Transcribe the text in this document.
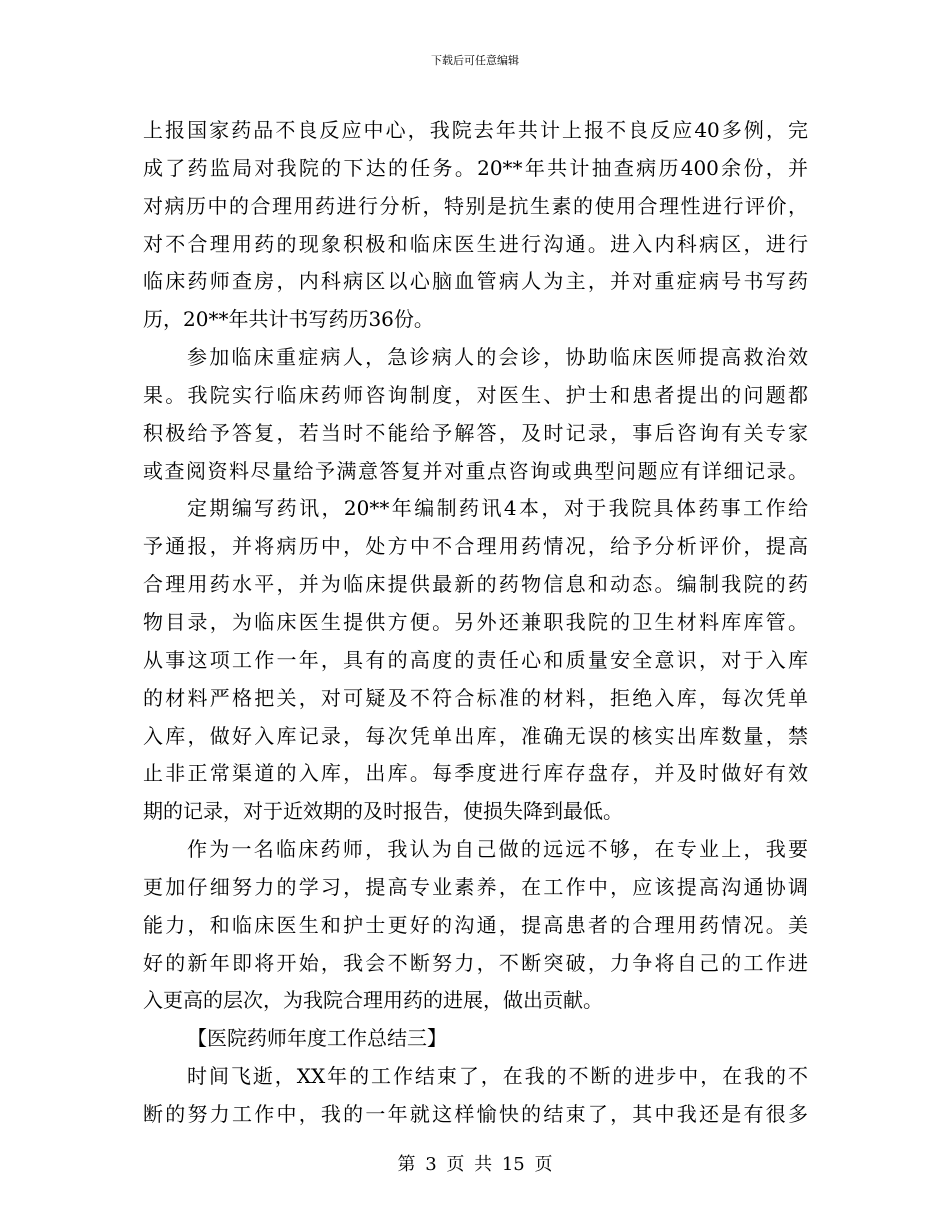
下载后可任意编辑
上报国家药品不良反应中心，我院去年共计上报不良反应40多例，完
成了药监局对我院的下达的任务。20**年共计抽查病历400余份，并
对病历中的合理用药进行分析，特别是抗生素的使用合理性进行评价，
对不合理用药的现象积极和临床医生进行沟通。进入内科病区，进行
临床药师查房，内科病区以心脑血管病人为主，并对重症病号书写药
历，20**年共计书写药历36份。
参加临床重症病人，急诊病人的会诊，协助临床医师提高救治效
果。我院实行临床药师咨询制度，对医生、护士和患者提出的问题都
积极给予答复，若当时不能给予解答，及时记录，事后咨询有关专家
或查阅资料尽量给予满意答复并对重点咨询或典型问题应有详细记录。
定期编写药讯，20**年编制药讯4本，对于我院具体药事工作给
予通报，并将病历中，处方中不合理用药情况，给予分析评价，提高
合理用药水平，并为临床提供最新的药物信息和动态。编制我院的药
物目录，为临床医生提供方便。另外还兼职我院的卫生材料库库管。
从事这项工作一年，具有的高度的责任心和质量安全意识，对于入库
的材料严格把关，对可疑及不符合标准的材料，拒绝入库，每次凭单
入库，做好入库记录，每次凭单出库，准确无误的核实出库数量，禁
止非正常渠道的入库，出库。每季度进行库存盘存，并及时做好有效
期的记录，对于近效期的及时报告，使损失降到最低。
作为一名临床药师，我认为自己做的远远不够，在专业上，我要
更加仔细努力的学习，提高专业素养，在工作中，应该提高沟通协调
能力，和临床医生和护士更好的沟通，提高患者的合理用药情况。美
好的新年即将开始，我会不断努力，不断突破，力争将自己的工作进
入更高的层次，为我院合理用药的进展，做出贡献。
【医院药师年度工作总结三】
时间飞逝，XX年的工作结束了，在我的不断的进步中，在我的不
断的努力工作中，我的一年就这样愉快的结束了，其中我还是有很多
第 3 页 共 15 页
